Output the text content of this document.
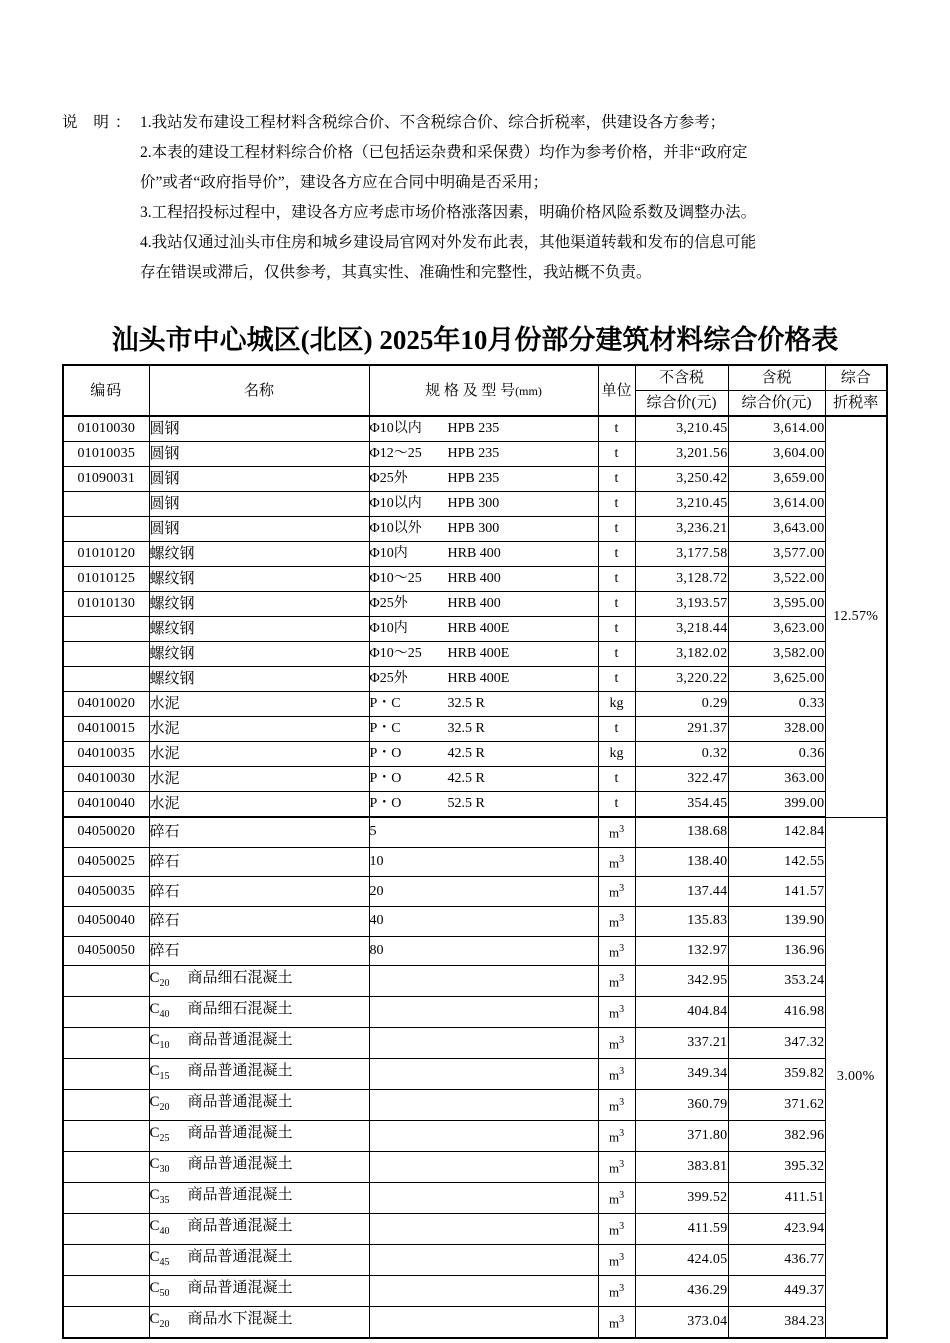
说 明： 1.我站发布建设工程材料含税综合价、不含税综合价、综合折税率，供建设各方参考；
2.本表的建设工程材料综合价格（已包括运杂费和采保费）均作为参考价格，并非“政府定
价”或者“政府指导价”，建设各方应在合同中明确是否采用；
3.工程招投标过程中，建设各方应考虑市场价格涨落因素，明确价格风险系数及调整办法。
4.我站仅通过汕头市住房和城乡建设局官网对外发布此表，其他渠道转载和发布的信息可能
存在错误或滞后，仅供参考，其真实性、准确性和完整性，我站概不负责。
汕头市中心城区(北区) 2025年10月份部分建筑材料综合价格表
编码	名称	规 格 及 型 号(mm)	单位	不含税	含税	综合
				综合价(元)	综合价(元)	折税率
01010030	圆钢	Φ10以内 HPB 235	t	3,210.45	3,614.00	12.57%
01010035	圆钢	Φ12～25 HPB 235	t	3,201.56	3,604.00	
01090031	圆钢	Φ25外 HPB 235	t	3,250.42	3,659.00	
	圆钢	Φ10以内 HPB 300	t	3,210.45	3,614.00	
	圆钢	Φ10以外 HPB 300	t	3,236.21	3,643.00	
01010120	螺纹钢	Φ10内 HRB 400	t	3,177.58	3,577.00	
01010125	螺纹钢	Φ10～25 HRB 400	t	3,128.72	3,522.00	
01010130	螺纹钢	Φ25外 HRB 400	t	3,193.57	3,595.00	
	螺纹钢	Φ10内 HRB 400E	t	3,218.44	3,623.00	
	螺纹钢	Φ10～25 HRB 400E	t	3,182.02	3,582.00	
	螺纹钢	Φ25外 HRB 400E	t	3,220.22	3,625.00	
04010020	水泥	P・C 32.5 R	kg	0.29	0.33	
04010015	水泥	P・C 32.5 R	t	291.37	328.00	
04010035	水泥	P・O 42.5 R	kg	0.32	0.36	
04010030	水泥	P・O 42.5 R	t	322.47	363.00	
04010040	水泥	P・O 52.5 R	t	354.45	399.00	
04050020	碎石	5	$m^3$	138.68	142.84	3.00%
04050025	碎石	10	$m^3$	138.40	142.55	
04050035	碎石	20	$m^3$	137.44	141.57	
04050040	碎石	40	$m^3$	135.83	139.90	
04050050	碎石	80	$m^3$	132.97	136.96	
	$C_{20}$ 商品细石混凝土		$m^3$	342.95	353.24	
	$C_{40}$ 商品细石混凝土		$m^3$	404.84	416.98	
	$C_{10}$ 商品普通混凝土		$m^3$	337.21	347.32	
	$C_{15}$ 商品普通混凝土		$m^3$	349.34	359.82	
	$C_{20}$ 商品普通混凝土		$m^3$	360.79	371.62	
	$C_{25}$ 商品普通混凝土		$m^3$	371.80	382.96	
	$C_{30}$ 商品普通混凝土		$m^3$	383.81	395.32	
	$C_{35}$ 商品普通混凝土		$m^3$	399.52	411.51	
	$C_{40}$ 商品普通混凝土		$m^3$	411.59	423.94	
	$C_{45}$ 商品普通混凝土		$m^3$	424.05	436.77	
	$C_{50}$ 商品普通混凝土		$m^3$	436.29	449.37	
	$C_{20}$ 商品水下混凝土		$m^3$	373.04	384.23	
